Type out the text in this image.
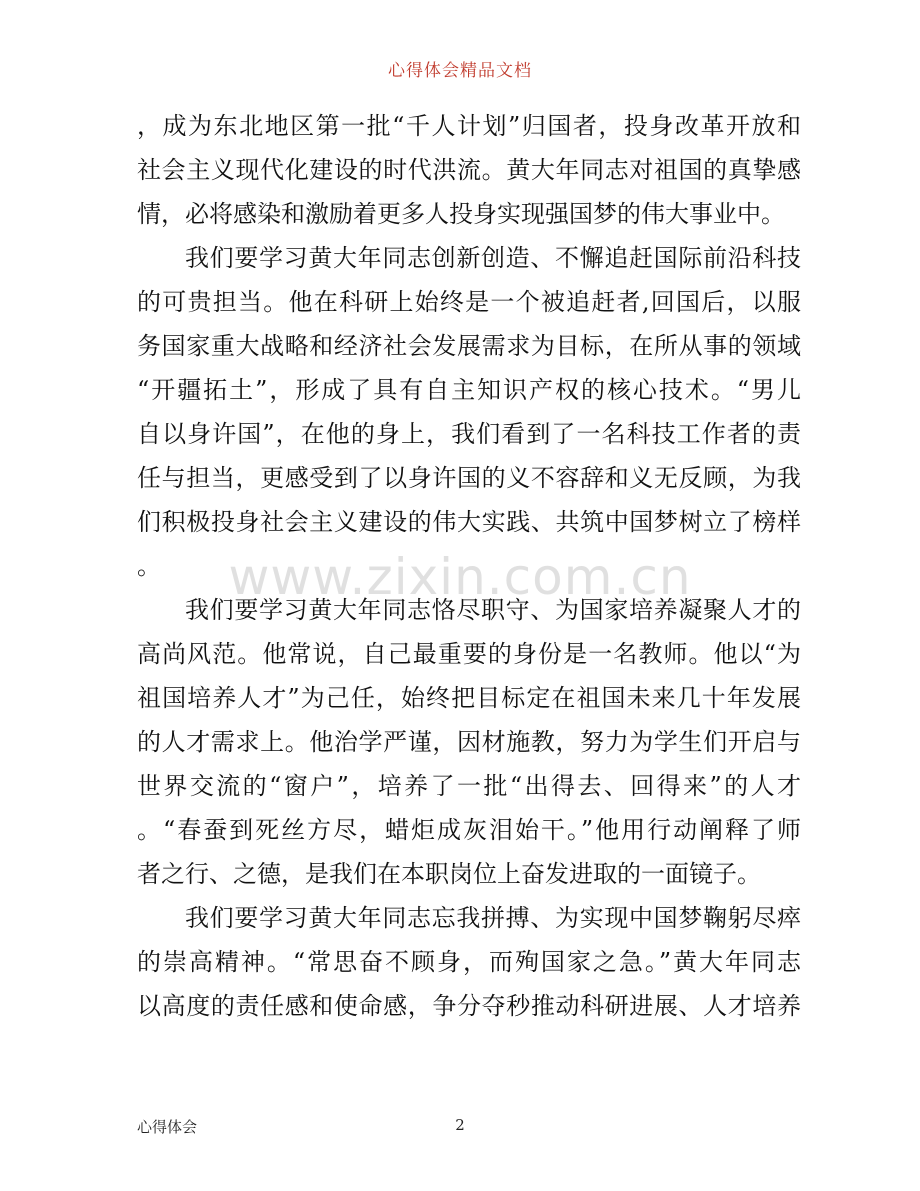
心得体会精品文档
，成为东北地区第一批“千人计划”归国者，投身改革开放和
社会主义现代化建设的时代洪流。黄大年同志对祖国的真挚感
情，必将感染和激励着更多人投身实现强国梦的伟大事业中。
我们要学习黄大年同志创新创造、不懈追赶国际前沿科技
的可贵担当。他在科研上始终是一个被追赶者,回国后，以服
务国家重大战略和经济社会发展需求为目标，在所从事的领域
“开疆拓土”，形成了具有自主知识产权的核心技术。“男儿
自以身许国”，在他的身上，我们看到了一名科技工作者的责
任与担当，更感受到了以身许国的义不容辞和义无反顾，为我
们积极投身社会主义建设的伟大实践、共筑中国梦树立了榜样
。
我们要学习黄大年同志恪尽职守、为国家培养凝聚人才的
高尚风范。他常说，自己最重要的身份是一名教师。他以“为
祖国培养人才”为己任，始终把目标定在祖国未来几十年发展
的人才需求上。他治学严谨，因材施教，努力为学生们开启与
世界交流的“窗户”，培养了一批“出得去、回得来”的人才
。“春蚕到死丝方尽，蜡炬成灰泪始干。”他用行动阐释了师
者之行、之德，是我们在本职岗位上奋发进取的一面镜子。
我们要学习黄大年同志忘我拼搏、为实现中国梦鞠躬尽瘁
的崇高精神。“常思奋不顾身，而殉国家之急。”黄大年同志
以高度的责任感和使命感，争分夺秒推动科研进展、人才培养
www.zixin.com.cn
心得体会	2
